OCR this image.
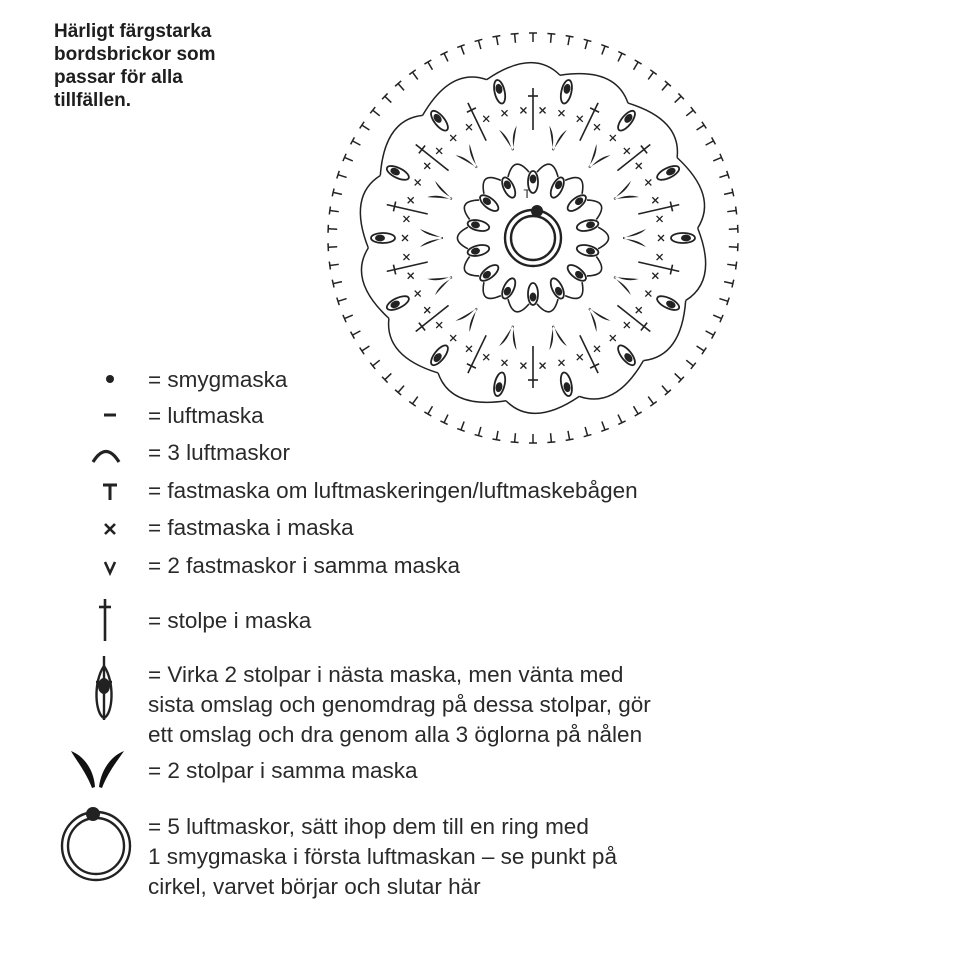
Härligt färgstarka
bordsbrickor som
passar för alla
tillfällen.
T
= smygmaska
= luftmaska
= 3 luftmaskor
= fastmaska om luftmaskeringen/luftmaskebågen
= fastmaska i maska
= 2 fastmaskor i samma maska
= stolpe i maska
= Virka 2 stolpar i nästa maska, men vänta med
sista omslag och genomdrag på dessa stolpar, gör
ett omslag och dra genom alla 3 öglorna på nålen
= 2 stolpar i samma maska
= 5 luftmaskor, sätt ihop dem till en ring med
1 smygmaska i första luftmaskan – se punkt på
cirkel, varvet börjar och slutar här
